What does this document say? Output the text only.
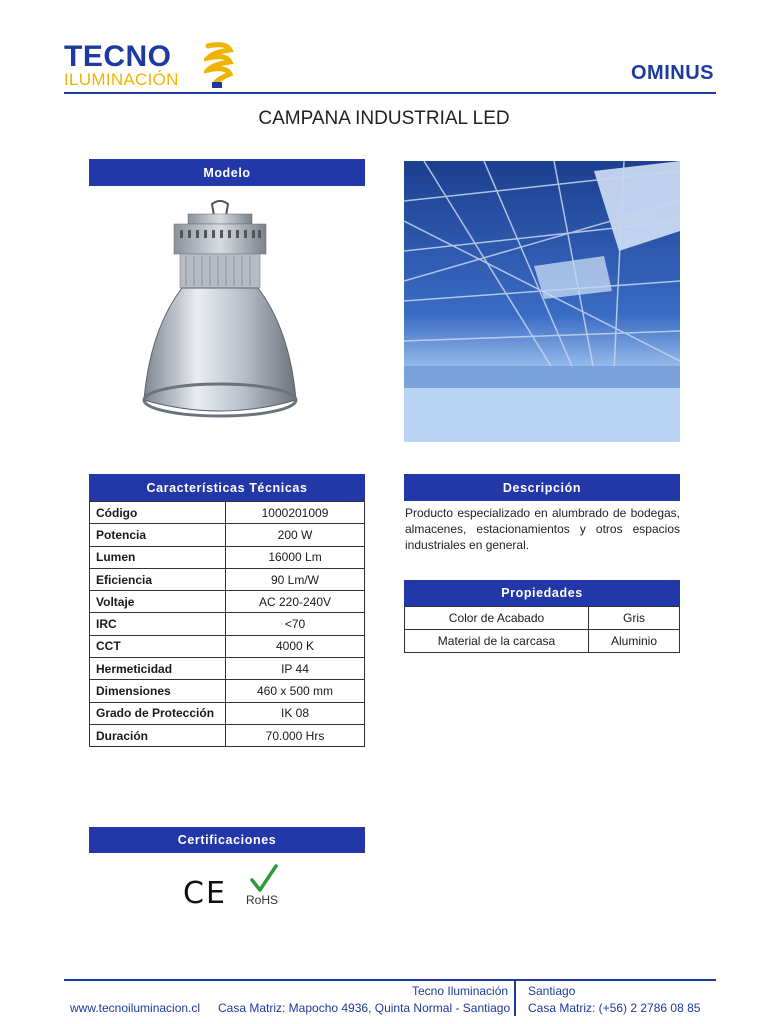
TECNO
ILUMINACIÓN	OMINUS
CAMPANA INDUSTRIAL LED
Modelo
Características Técnicas
Código	1000201009
Potencia	200 W
Lumen	16000 Lm
Eficiencia	90 Lm/W
Voltaje	AC 220-240V
IRC	<70
CCT	4000 K
Hermeticidad	IP 44
Dimensiones	460 x 500 mm
Grado de Protección	IK 08
Duración	70.000 Hrs
Descripción
Producto especializado en alumbrado de bodegas, almacenes, estacionamientos y otros espacios industriales en general.
Propiedades
Color de Acabado	Gris
Material de la carcasa	Aluminio
Certificaciones
CE RoHS
Tecno Iluminación
www.tecnoiluminacion.cl Casa Matriz: Mapocho 4936, Quinta Normal - Santiago
Santiago
Casa Matriz: (+56) 2 2786 08 85
